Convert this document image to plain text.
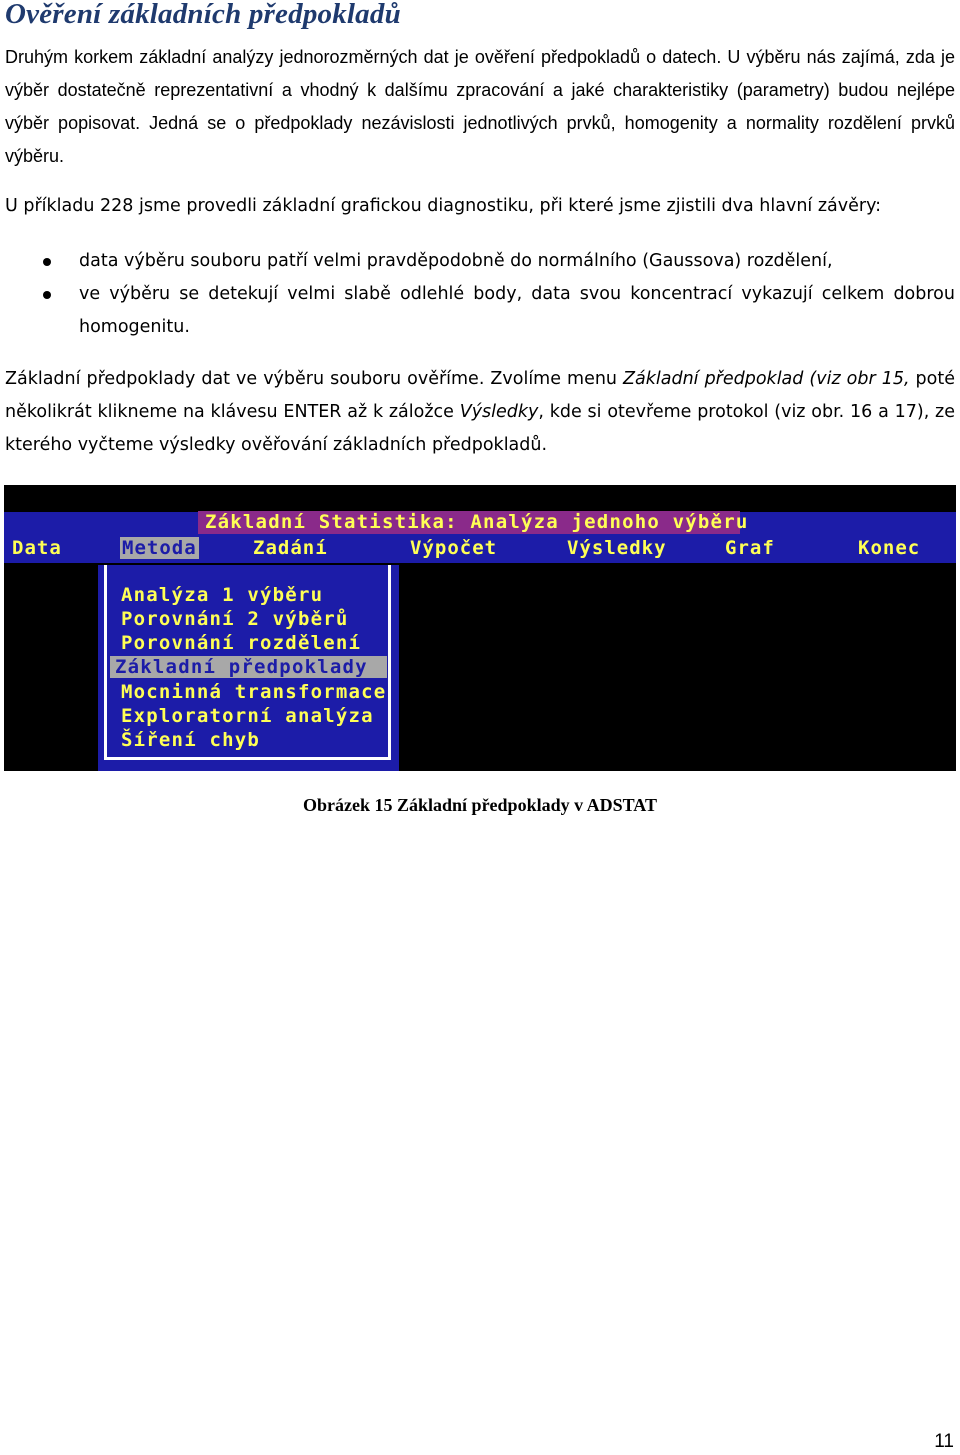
Ověření základních předpokladů

Druhým korkem základní analýzy jednorozměrných dat je ověření předpokladů o datech. U výběru nás zajímá, zda je výběr dostatečně reprezentativní a vhodný k dalšímu zpracování a jaké charakteristiky (parametry) budou nejlépe výběr popisovat. Jedná se o předpoklady nezávislosti jednotlivých prvků, homogenity a normality rozdělení prvků výběru.

U příkladu 228 jsme provedli základní grafickou diagnostiku, při které jsme zjistili dva hlavní závěry:

data výběru souboru patří velmi pravděpodobně do normálního (Gaussova) rozdělení,
ve výběru se detekují velmi slabě odlehlé body, data svou koncentrací vykazují celkem dobrou homogenitu.

Základní předpoklady dat ve výběru souboru ověříme. Zvolíme menu Základní předpoklad (viz obr 15, poté několikrát klikneme na klávesu ENTER až k záložce Výsledky, kde si otevřeme protokol (viz obr. 16 a 17), ze kterého vyčteme výsledky ověřování základních předpokladů.

Základní Statistika: Analýza jednoho výběru
Data	Metoda	Zadání	Výpočet	Výsledky	Graf	Konec
Analýza 1 výběru
Porovnání 2 výběrů
Porovnání rozdělení
Základní předpoklady
Mocninná transformace
Exploratorní analýza
Šíření chyb
Obrázek 15 Základní předpoklady v ADSTAT
11
